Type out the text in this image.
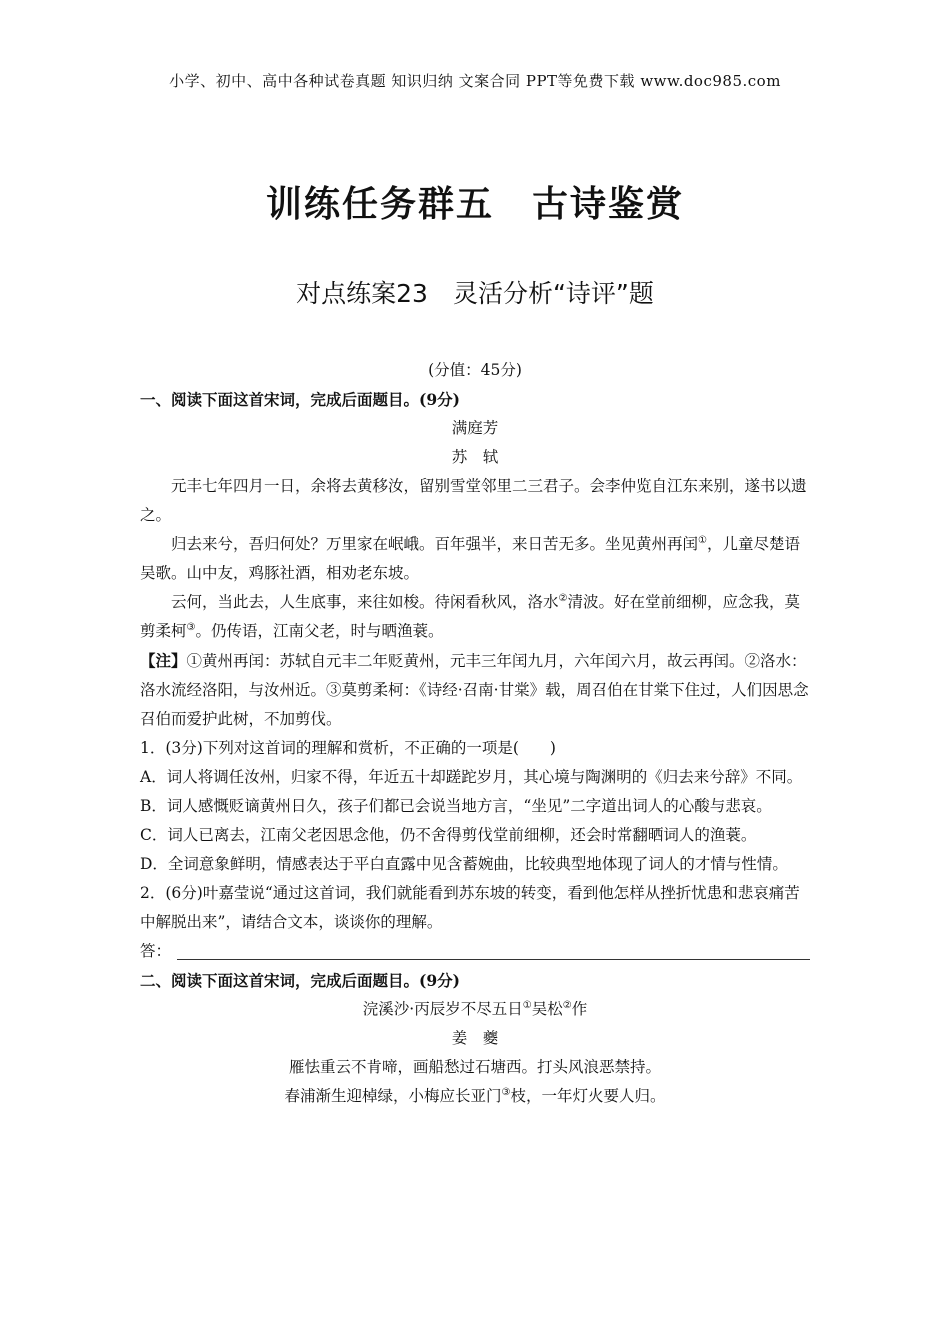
小学、初中、高中各种试卷真题 知识归纳 文案合同 PPT等免费下载 www.doc985.com
训练任务群五　古诗鉴赏
对点练案23　灵活分析“诗评”题

(分值：45分)

一、阅读下面这首宋词，完成后面题目。(9分)

满庭芳

苏　轼

元丰七年四月一日，余将去黄移汝，留别雪堂邻里二三君子。会李仲览自江东来别，遂书以遗之。

归去来兮，吾归何处？万里家在岷峨。百年强半，来日苦无多。坐见黄州再闰①，儿童尽楚语吴歌。山中友，鸡豚社酒，相劝老东坡。

云何，当此去，人生底事，来往如梭。待闲看秋风，洛水②清波。好在堂前细柳，应念我，莫剪柔柯③。仍传语，江南父老，时与晒渔蓑。

【注】①黄州再闰：苏轼自元丰二年贬黄州，元丰三年闰九月，六年闰六月，故云再闰。②洛水：洛水流经洛阳，与汝州近。③莫剪柔柯：《诗经·召南·甘棠》载，周召伯在甘棠下住过，人们因思念召伯而爱护此树，不加剪伐。

1．(3分)下列对这首词的理解和赏析，不正确的一项是(　　)

A．词人将调任汝州，归家不得，年近五十却蹉跎岁月，其心境与陶渊明的《归去来兮辞》不同。

B．词人感慨贬谪黄州日久，孩子们都已会说当地方言，“坐见”二字道出词人的心酸与悲哀。

C．词人已离去，江南父老因思念他，仍不舍得剪伐堂前细柳，还会时常翻晒词人的渔蓑。

D．全词意象鲜明，情感表达于平白直露中见含蓄婉曲，比较典型地体现了词人的才情与性情。

2．(6分)叶嘉莹说“通过这首词，我们就能看到苏东坡的转变，看到他怎样从挫折忧患和悲哀痛苦中解脱出来”，请结合文本，谈谈你的理解。

答：

二、阅读下面这首宋词，完成后面题目。(9分)

浣溪沙·丙辰岁不尽五日①吴松②作

姜　夔

雁怯重云不肯啼，画船愁过石塘西。打头风浪恶禁持。

春浦渐生迎棹绿，小梅应长亚门③枝，一年灯火要人归。
